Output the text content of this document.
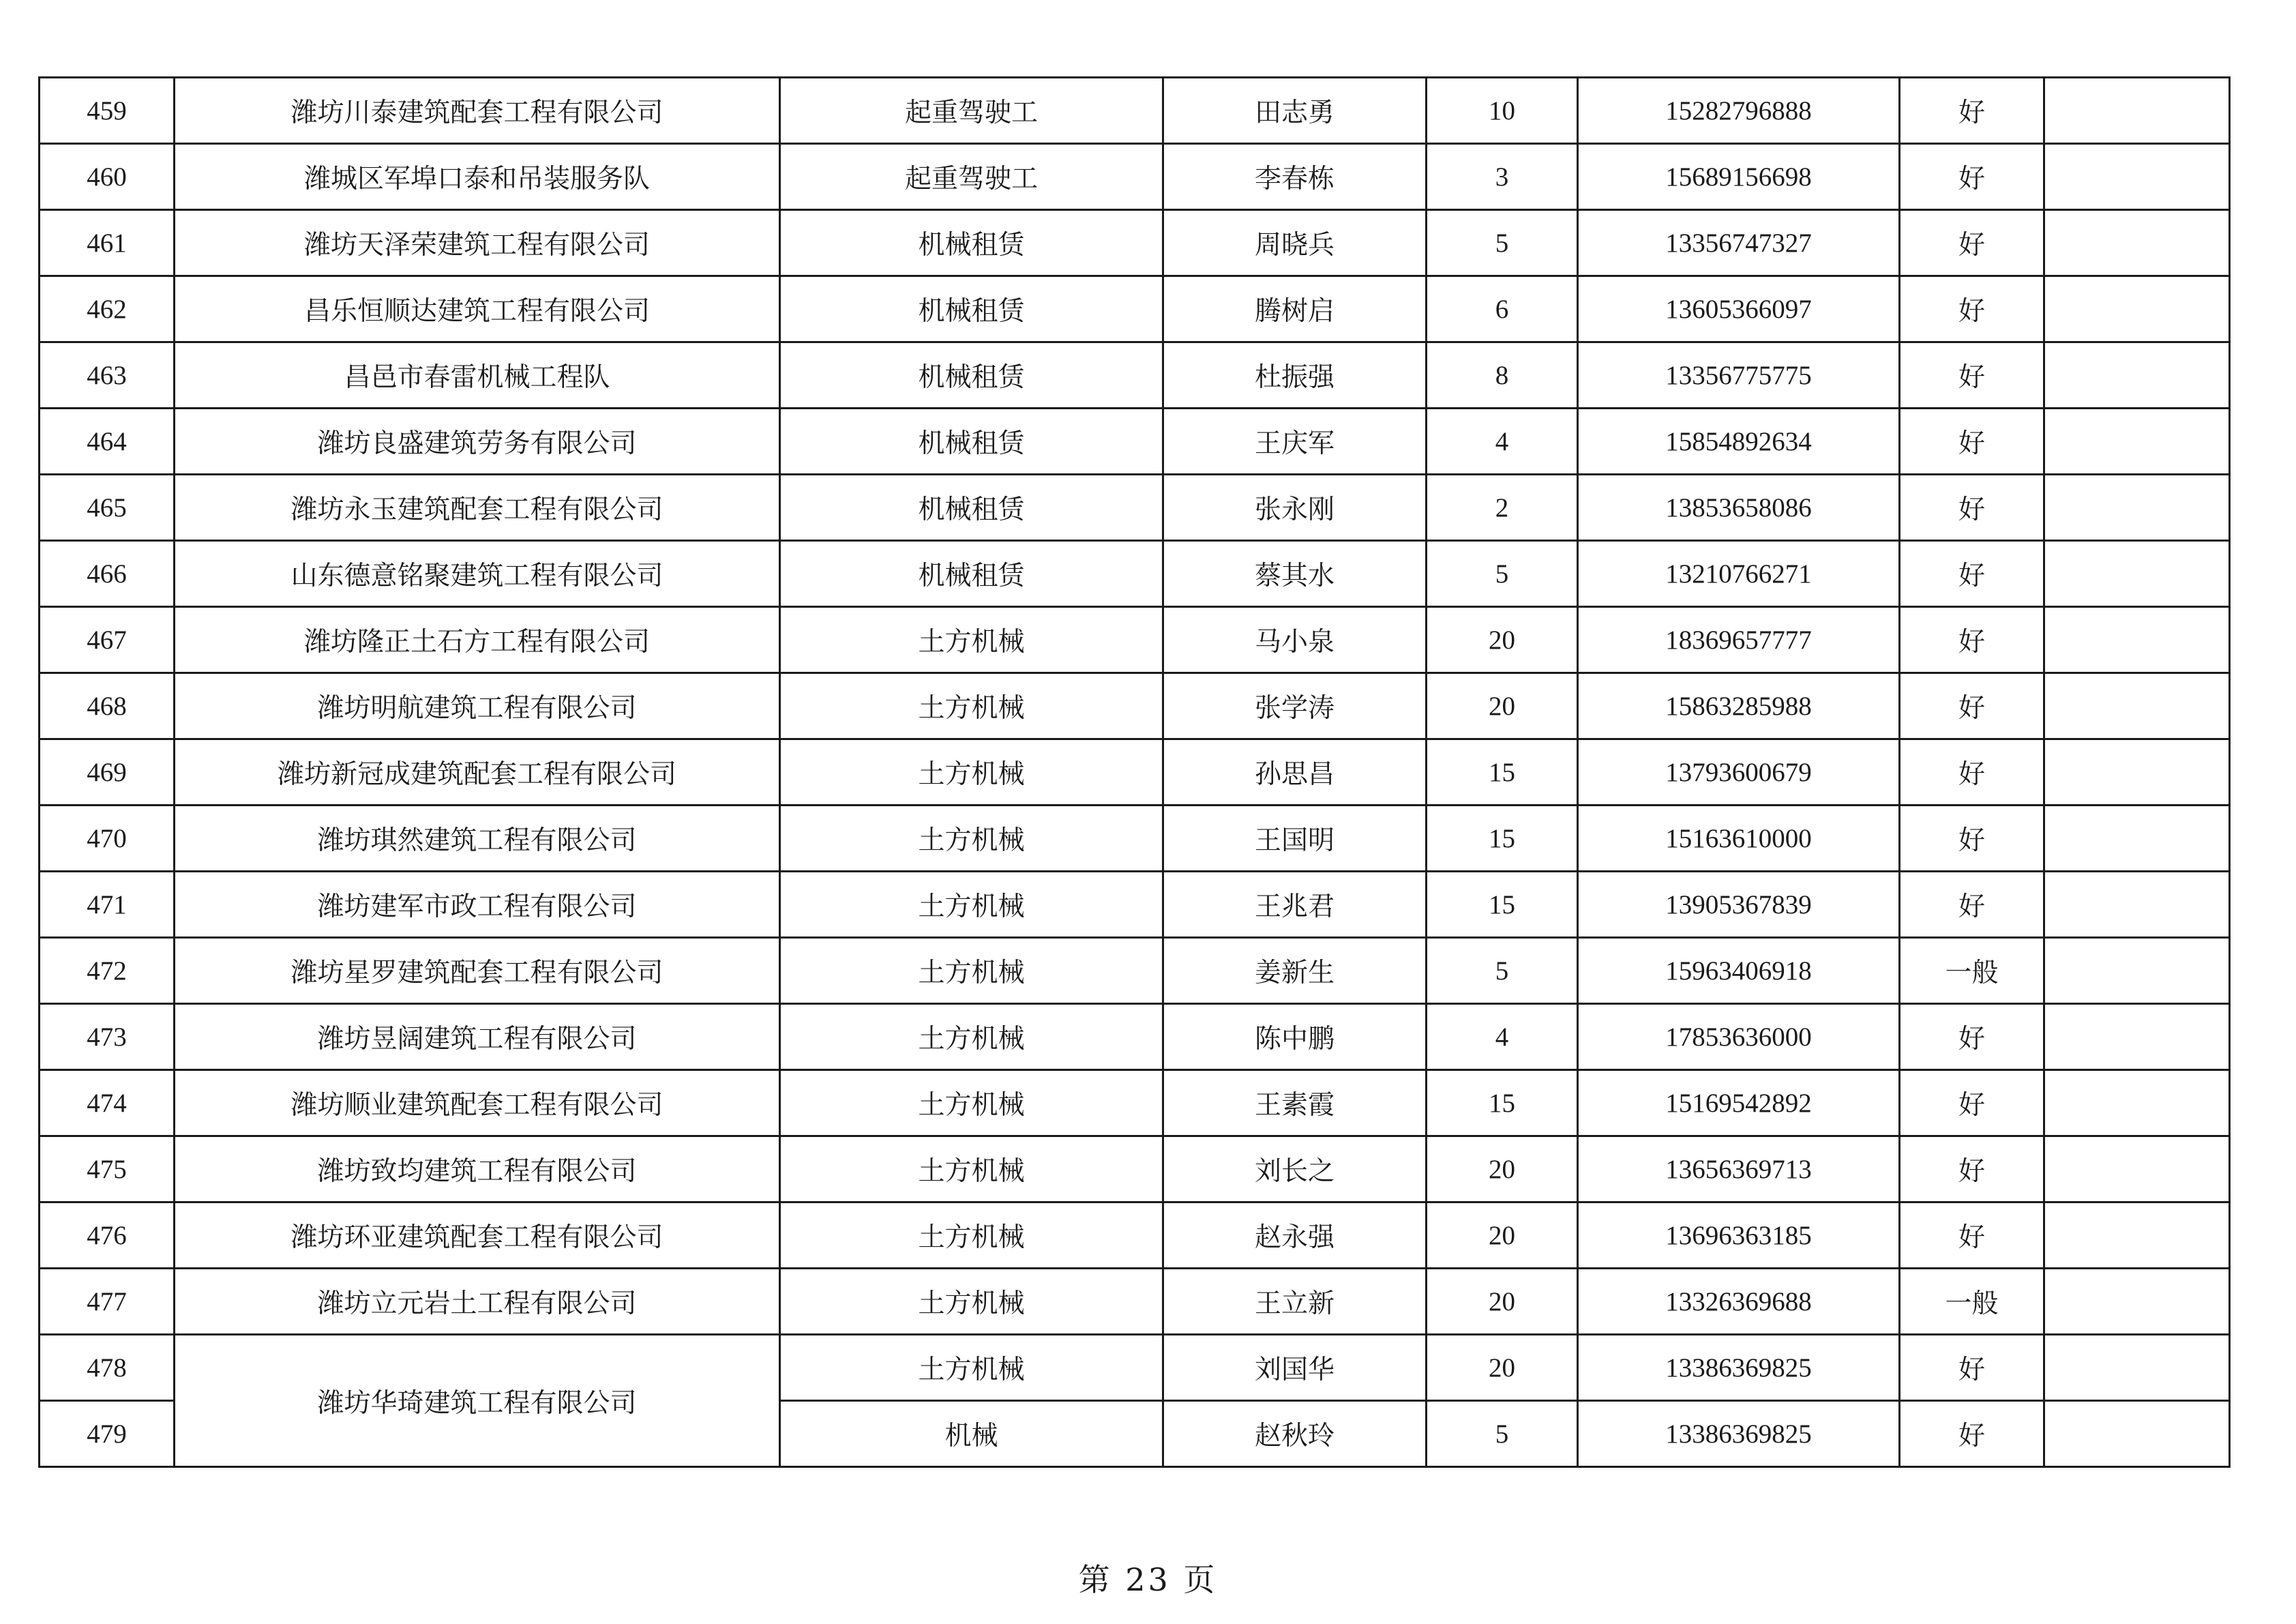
459	潍坊川泰建筑配套工程有限公司	起重驾驶工	田志勇	10	15282796888	好	
460	潍城区军埠口泰和吊装服务队	起重驾驶工	李春栋	3	15689156698	好	
461	潍坊天泽荣建筑工程有限公司	机械租赁	周晓兵	5	13356747327	好	
462	昌乐恒顺达建筑工程有限公司	机械租赁	腾树启	6	13605366097	好	
463	昌邑市春雷机械工程队	机械租赁	杜振强	8	13356775775	好	
464	潍坊良盛建筑劳务有限公司	机械租赁	王庆军	4	15854892634	好	
465	潍坊永玉建筑配套工程有限公司	机械租赁	张永刚	2	13853658086	好	
466	山东德意铭聚建筑工程有限公司	机械租赁	蔡其水	5	13210766271	好	
467	潍坊隆正土石方工程有限公司	土方机械	马小泉	20	18369657777	好	
468	潍坊明航建筑工程有限公司	土方机械	张学涛	20	15863285988	好	
469	潍坊新冠成建筑配套工程有限公司	土方机械	孙思昌	15	13793600679	好	
470	潍坊琪然建筑工程有限公司	土方机械	王国明	15	15163610000	好	
471	潍坊建军市政工程有限公司	土方机械	王兆君	15	13905367839	好	
472	潍坊星罗建筑配套工程有限公司	土方机械	姜新生	5	15963406918	一般	
473	潍坊昱阔建筑工程有限公司	土方机械	陈中鹏	4	17853636000	好	
474	潍坊顺业建筑配套工程有限公司	土方机械	王素霞	15	15169542892	好	
475	潍坊致均建筑工程有限公司	土方机械	刘长之	20	13656369713	好	
476	潍坊环亚建筑配套工程有限公司	土方机械	赵永强	20	13696363185	好	
477	潍坊立元岩土工程有限公司	土方机械	王立新	20	13326369688	一般	
478	潍坊华琦建筑工程有限公司	土方机械	刘国华	20	13386369825	好	
479		机械	赵秋玲	5	13386369825	好	
第 23 页
